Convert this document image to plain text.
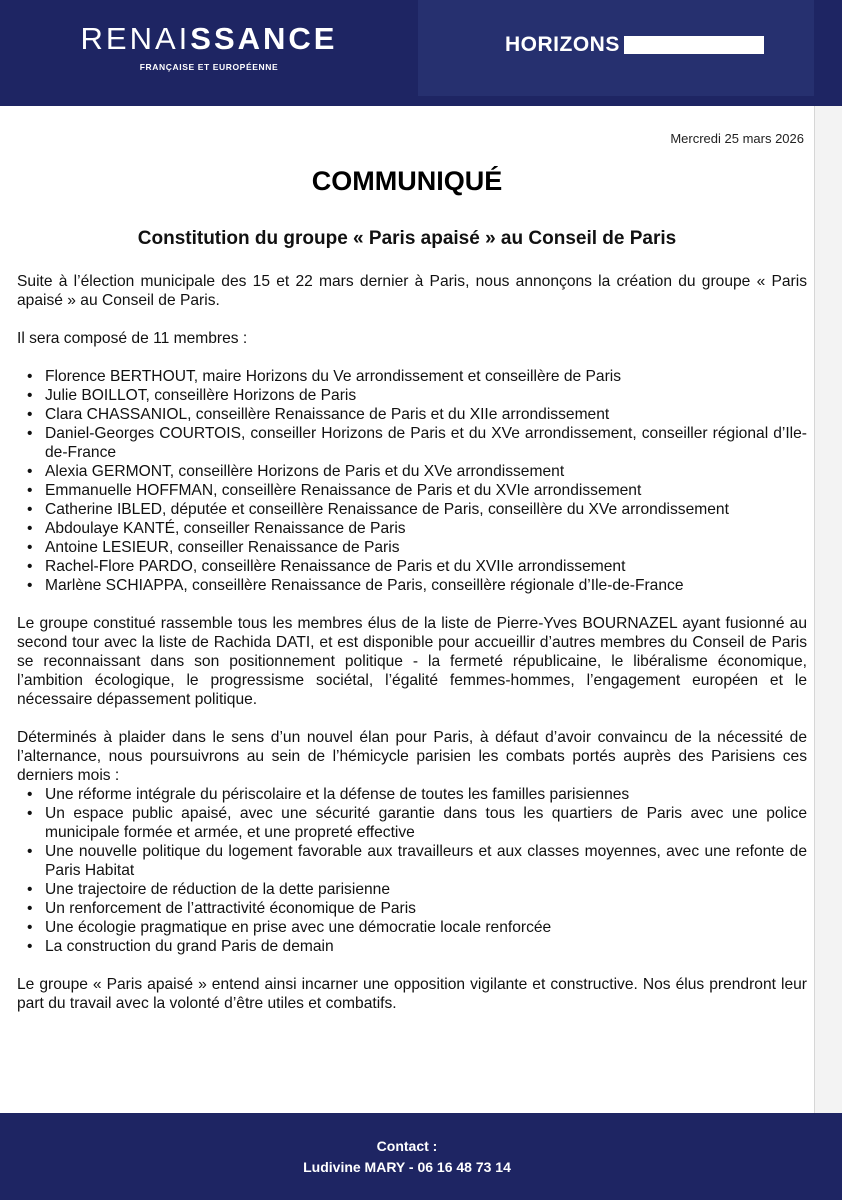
RENAISSANCE
FRANÇAISE ET EUROPÉENNE
HORIZONS
Mercredi 25 mars 2026
COMMUNIQUÉ
Constitution du groupe « Paris apaisé » au Conseil de Paris

Suite à l’élection municipale des 15 et 22 mars dernier à Paris, nous annonçons la création du groupe « Paris apaisé » au Conseil de Paris.

Il sera composé de 11 membres :

• Florence BERTHOUT, maire Horizons du Ve arrondissement et conseillère de Paris
• Julie BOILLOT, conseillère Horizons de Paris
• Clara CHASSANIOL, conseillère Renaissance de Paris et du XIIe arrondissement
• Daniel-Georges COURTOIS, conseiller Horizons de Paris et du XVe arrondissement, conseiller régional d’Ile-de-France
• Alexia GERMONT, conseillère Horizons de Paris et du XVe arrondissement
• Emmanuelle HOFFMAN, conseillère Renaissance de Paris et du XVIe arrondissement
• Catherine IBLED, députée et conseillère Renaissance de Paris, conseillère du XVe arrondissement
• Abdoulaye KANTÉ, conseiller Renaissance de Paris
• Antoine LESIEUR, conseiller Renaissance de Paris
• Rachel-Flore PARDO, conseillère Renaissance de Paris et du XVIIe arrondissement
• Marlène SCHIAPPA, conseillère Renaissance de Paris, conseillère régionale d’Ile-de-France

Le groupe constitué rassemble tous les membres élus de la liste de Pierre-Yves BOURNAZEL ayant fusionné au second tour avec la liste de Rachida DATI, et est disponible pour accueillir d’autres membres du Conseil de Paris se reconnaissant dans son positionnement politique - la fermeté républicaine, le libéralisme économique, l’ambition écologique, le progressisme sociétal, l’égalité femmes-hommes, l’engagement européen et le nécessaire dépassement politique.

Déterminés à plaider dans le sens d’un nouvel élan pour Paris, à défaut d’avoir convaincu de la nécessité de l’alternance, nous poursuivrons au sein de l’hémicycle parisien les combats portés auprès des Parisiens ces derniers mois :

• Une réforme intégrale du périscolaire et la défense de toutes les familles parisiennes
• Un espace public apaisé, avec une sécurité garantie dans tous les quartiers de Paris avec une police municipale formée et armée, et une propreté effective
• Une nouvelle politique du logement favorable aux travailleurs et aux classes moyennes, avec une refonte de Paris Habitat
• Une trajectoire de réduction de la dette parisienne
• Un renforcement de l’attractivité économique de Paris
• Une écologie pragmatique en prise avec une démocratie locale renforcée
• La construction du grand Paris de demain

Le groupe « Paris apaisé » entend ainsi incarner une opposition vigilante et constructive. Nos élus prendront leur part du travail avec la volonté d’être utiles et combatifs.

Contact :
Ludivine MARY - 06 16 48 73 14
